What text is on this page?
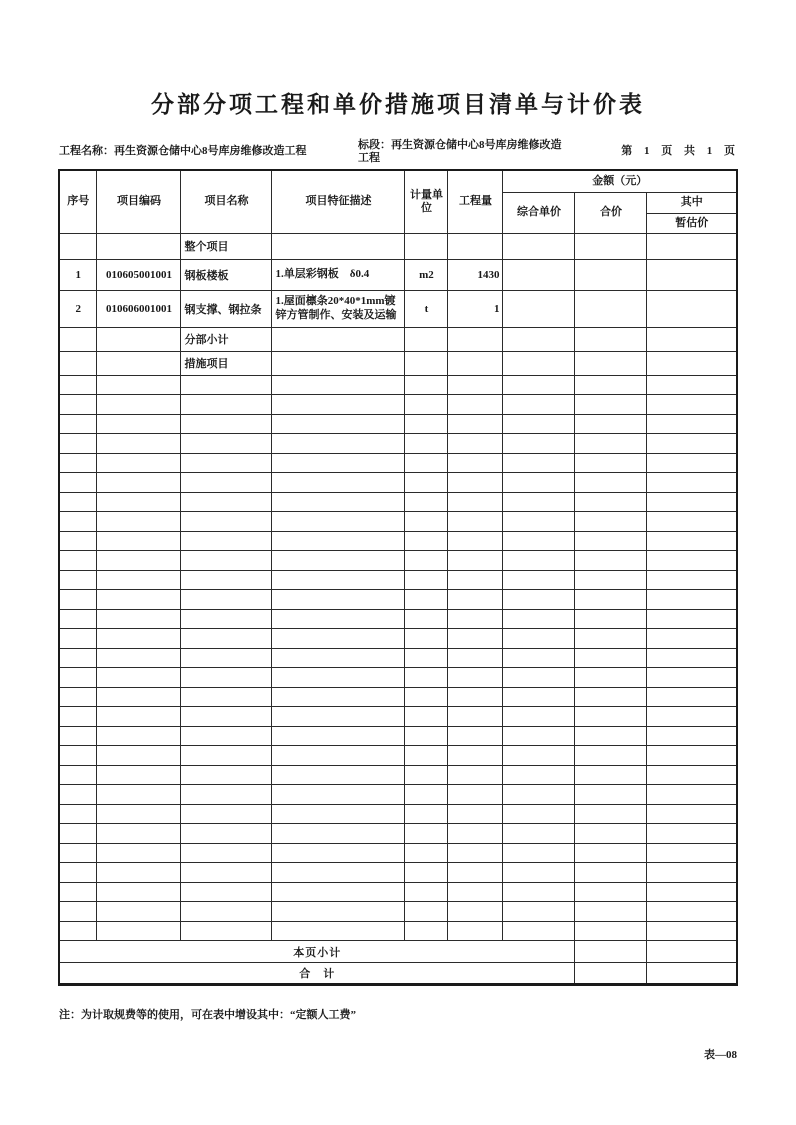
分部分项工程和单价措施项目清单与计价表
工程名称：再生资源仓储中心8号库房维修改造工程	标段：再生资源仓储中心8号库房维修改造工程
第 1 页 共 1 页
序号	项目编码	项目名称	项目特征描述	计量单位	工程量	金额（元）		
						综合单价	合价	其中
								暂估价
		整个项目						
1	010605001001	钢板楼板	1.单层彩钢板　δ0.4	m2	1430			
2	010606001001	钢支撑、钢拉条	1.屋面檩条20*40*1mm镀锌方管制作、安装及运输	t	1			
		分部小计						
		措施项目						

本页小计								
合　计								
注：为计取规费等的使用，可在表中增设其中：“定额人工费”
表—08
